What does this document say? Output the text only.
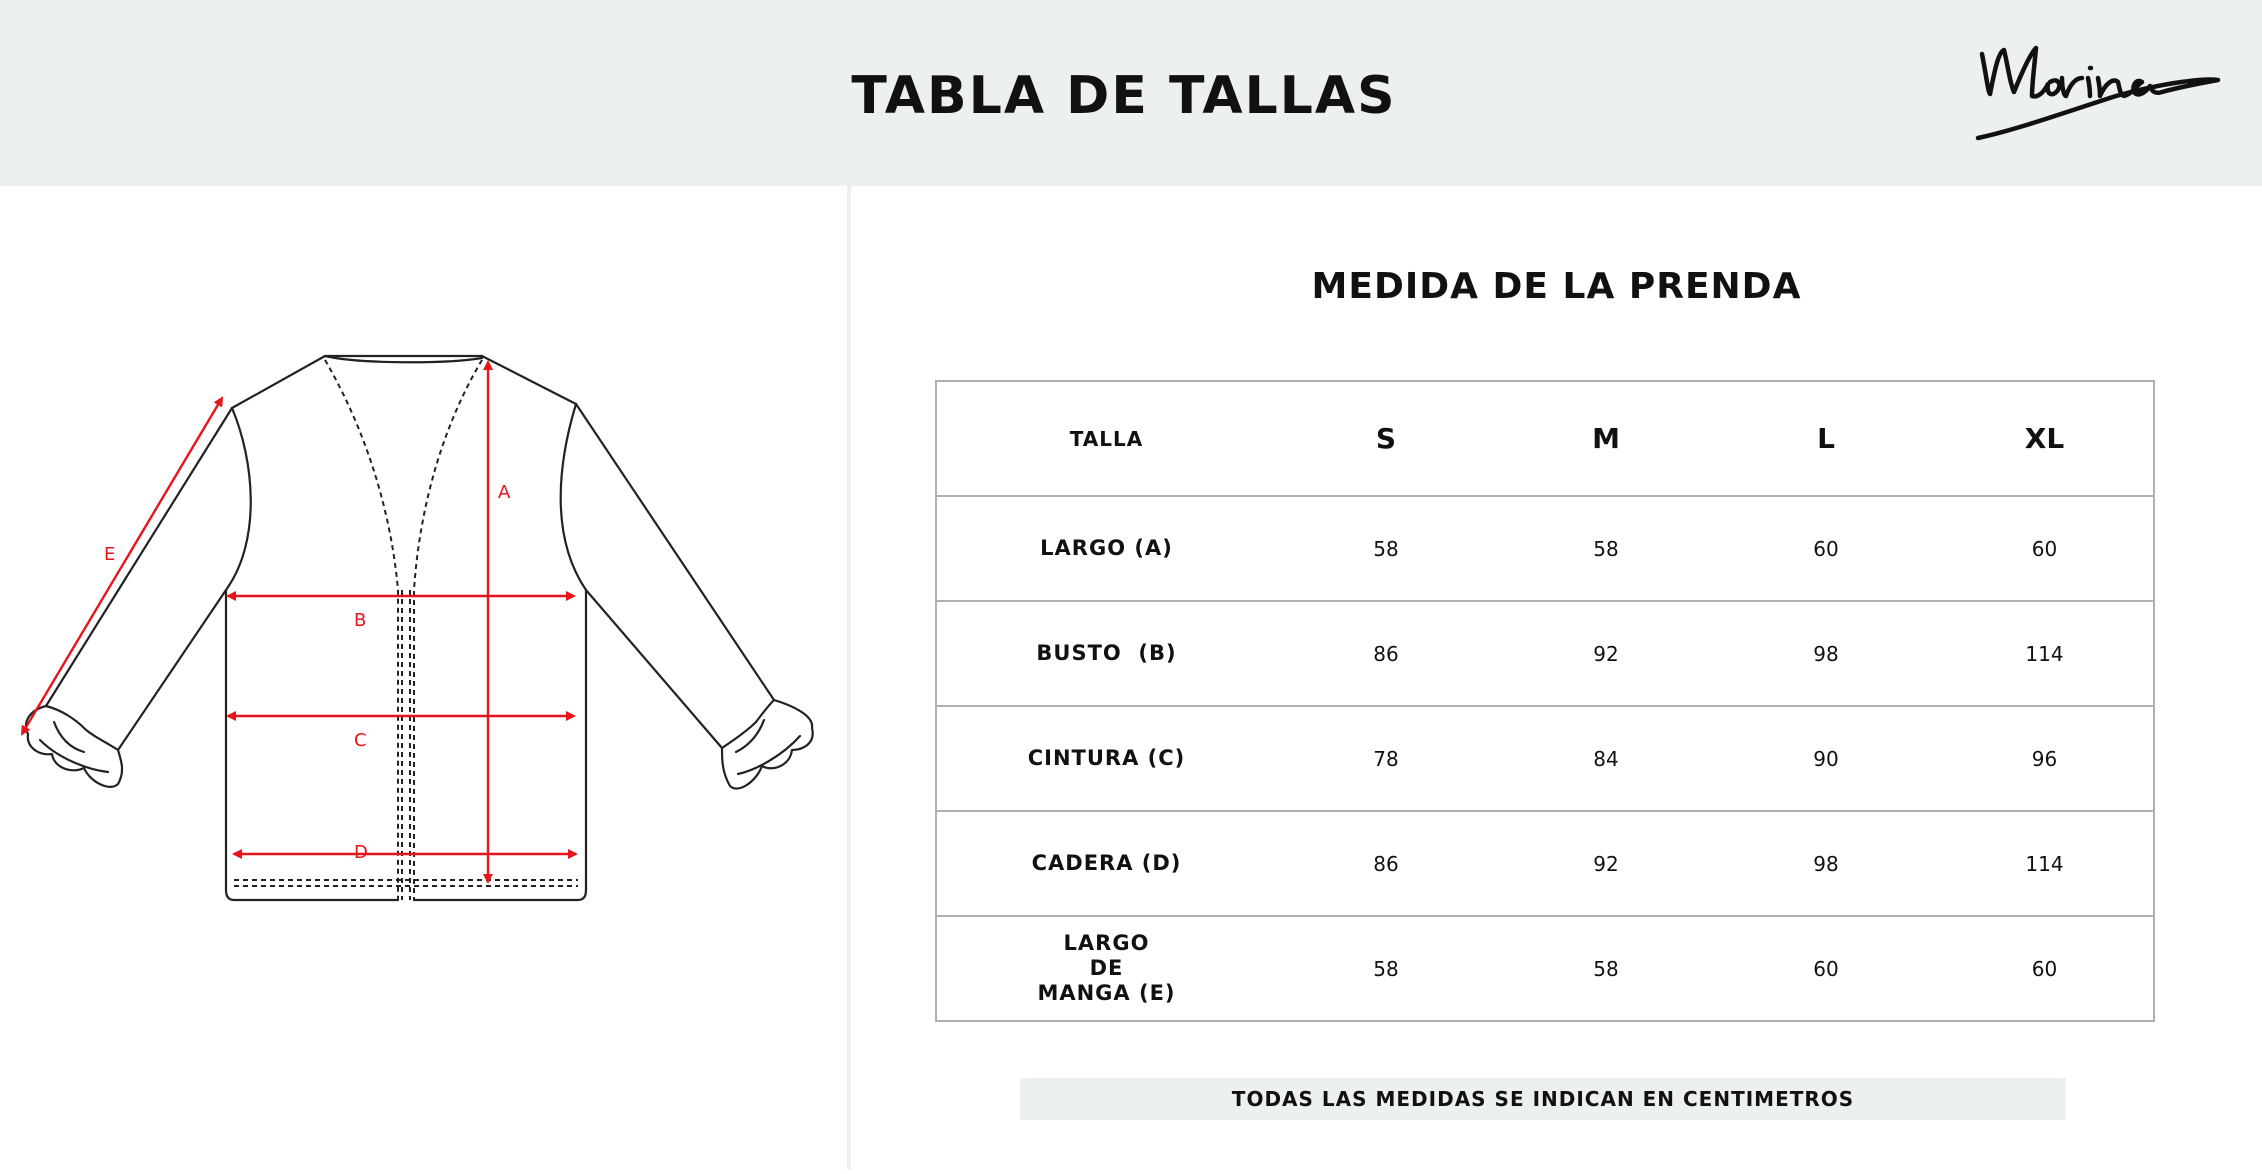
TABLA DE TALLAS
A
B
C
D
E
MEDIDA DE LA PRENDA
TALLA	S	M	L	XL
LARGO (A)	58	58	60	60
BUSTO  (B)	86	92	98	114
CINTURA (C)	78	84	90	96
CADERA (D)	86	92	98	114

LARGO
DE
MANGA (E)	58	58	60	60
TODAS LAS MEDIDAS SE INDICAN EN CENTIMETROS
